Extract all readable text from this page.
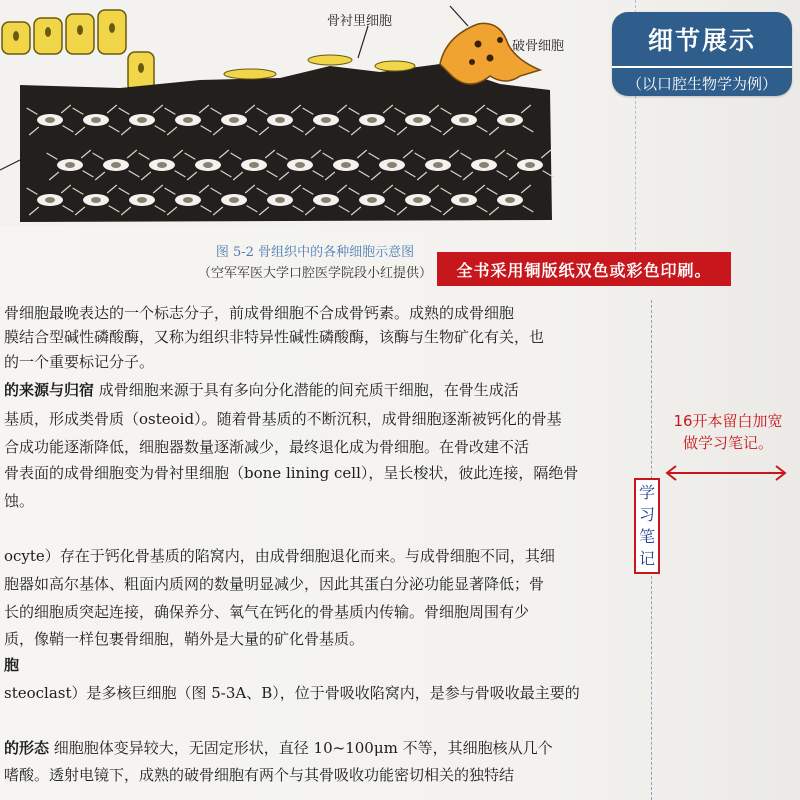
骨衬里细胞
破骨细胞
图 5-2 骨组织中的各种细胞示意图
（空军军医大学口腔医学院段小红提供）
骨细胞最晚表达的一个标志分子，前成骨细胞不合成骨钙素。成熟的成骨细胞
膜结合型碱性磷酸酶，又称为组织非特异性碱性磷酸酶，该酶与生物矿化有关，也
的一个重要标记分子。
的来源与归宿 成骨细胞来源于具有多向分化潜能的间充质干细胞，在骨生成活
基质，形成类骨质（osteoid）。随着骨基质的不断沉积，成骨细胞逐渐被钙化的骨基
合成功能逐渐降低，细胞器数量逐渐减少，最终退化成为骨细胞。在骨改建不活
骨表面的成骨细胞变为骨衬里细胞（bone lining cell），呈长梭状，彼此连接，隔绝骨
蚀。
ocyte）存在于钙化骨基质的陷窝内，由成骨细胞退化而来。与成骨细胞不同，其细
胞器如高尔基体、粗面内质网的数量明显减少，因此其蛋白分泌功能显著降低；骨
长的细胞质突起连接，确保养分、氧气在钙化的骨基质内传输。骨细胞周围有少
质，像鞘一样包裹骨细胞，鞘外是大量的矿化骨基质。
胞
steoclast）是多核巨细胞（图 5-3A、B），位于骨吸收陷窝内，是参与骨吸收最主要的
的形态 细胞胞体变异较大，无固定形状，直径 10~100μm 不等，其细胞核从几个
嗜酸。透射电镜下，成熟的破骨细胞有两个与其骨吸收功能密切相关的独特结
细节展示
（以口腔生物学为例）
全书采用铜版纸双色或彩色印刷。
16开本留白加宽
做学习笔记。
学
习
笔
记
